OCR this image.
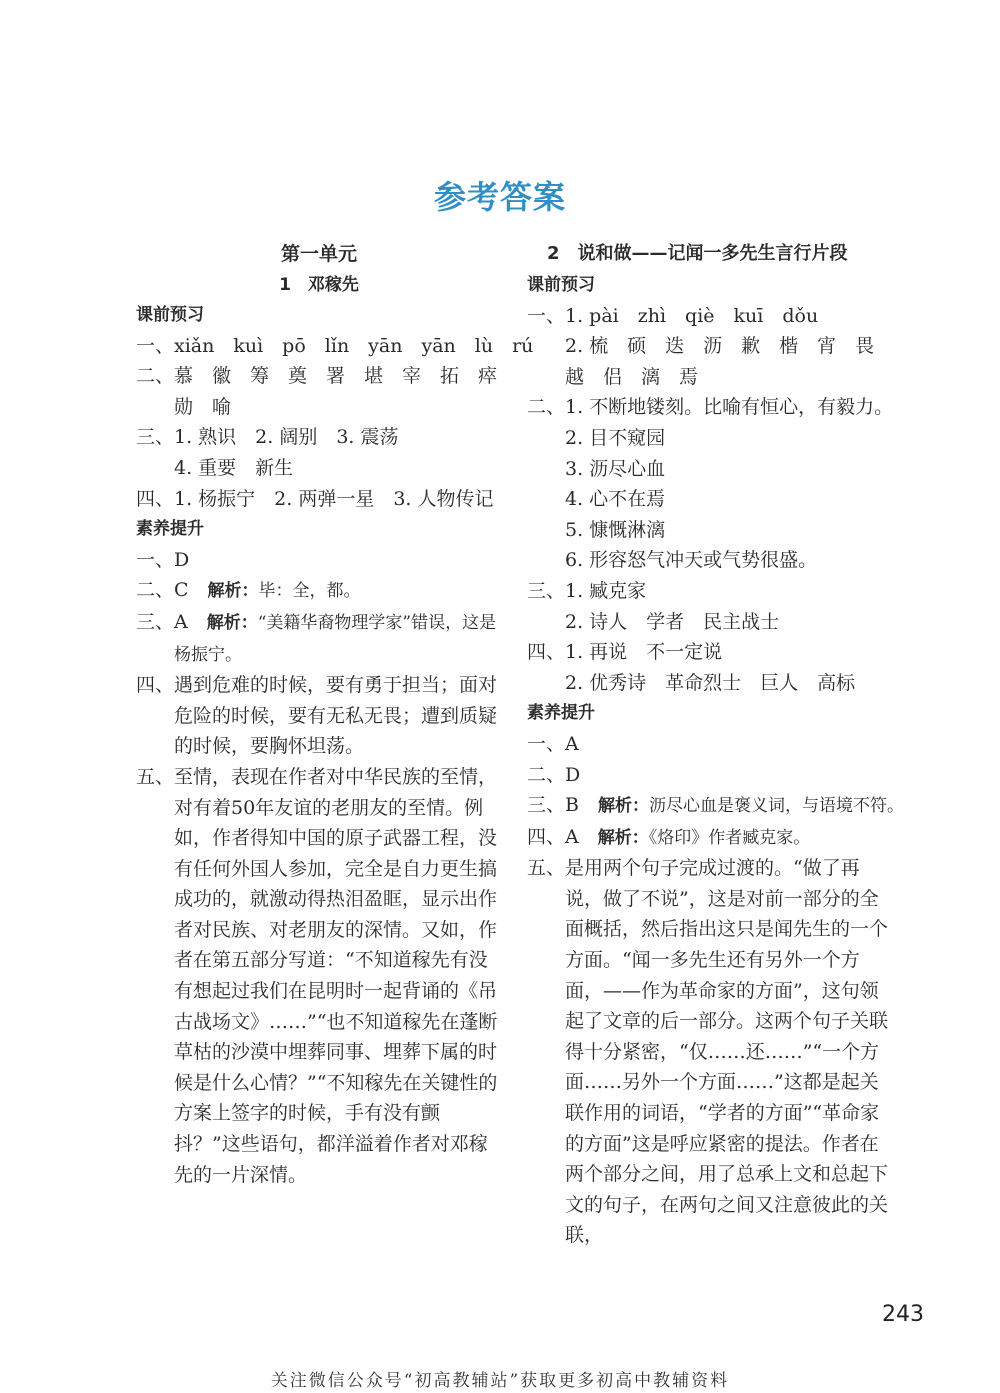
参考答案
第一单元
1　邓稼先
课前预习
一、xiǎn　kuì　pō　lǐn　yān　yān　lù　rú
二、慕　徽　筹　奠　署　堪　宰　拓　瘁
勋　喻
三、1. 熟识　2. 阔别　3. 震荡
4. 重要　新生
四、1. 杨振宁　2. 两弹一星　3. 人物传记
素养提升
一、D
二、C　解析：毕：全，都。
三、A　解析：“美籍华裔物理学家”错误，这是杨振宁。
四、遇到危难的时候，要有勇于担当；面对危险的时候，要有无私无畏；遭到质疑的时候，要胸怀坦荡。
五、至情，表现在作者对中华民族的至情，对有着50年友谊的老朋友的至情。例如，作者得知中国的原子武器工程，没有任何外国人参加，完全是自力更生搞成功的，就激动得热泪盈眶，显示出作者对民族、对老朋友的深情。又如，作者在第五部分写道：“不知道稼先有没有想起过我们在昆明时一起背诵的《吊古战场文》……”“也不知道稼先在蓬断草枯的沙漠中埋葬同事、埋葬下属的时候是什么心情？”“不知稼先在关键性的方案上签字的时候，手有没有颤抖？”这些语句，都洋溢着作者对邓稼先的一片深情。
2　说和做——记闻一多先生言行片段
课前预习
一、1. pài　zhì　qiè　kuī　dǒu
2. 梳　硕　迭　沥　歉　楷　宵　畏
越　侣　漓　焉
二、1. 不断地镂刻。比喻有恒心，有毅力。
2. 目不窥园
3. 沥尽心血
4. 心不在焉
5. 慷慨淋漓
6. 形容怒气冲天或气势很盛。
三、1. 臧克家
2. 诗人　学者　民主战士
四、1. 再说　不一定说
2. 优秀诗　革命烈士　巨人　高标
素养提升
一、A
二、D
三、B　解析：沥尽心血是褒义词，与语境不符。
四、A　解析：《烙印》作者臧克家。
五、是用两个句子完成过渡的。“做了再说，做了不说”，这是对前一部分的全面概括，然后指出这只是闻先生的一个方面。“闻一多先生还有另外一个方面，——作为革命家的方面”，这句领起了文章的后一部分。这两个句子关联得十分紧密，“仅……还……”“一个方面……另外一个方面……”这都是起关联作用的词语，“学者的方面”“革命家的方面”这是呼应紧密的提法。作者在两个部分之间，用了总承上文和总起下文的句子，在两句之间又注意彼此的关联，
243
关注微信公众号“初高教辅站”获取更多初高中教辅资料
